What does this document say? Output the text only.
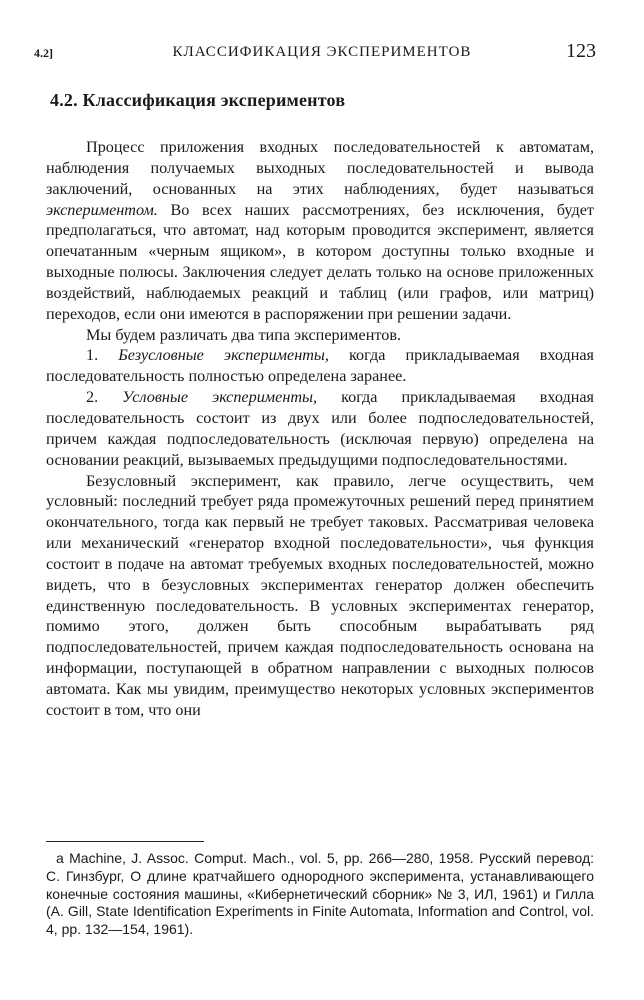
4.2]	КЛАССИФИКАЦИЯ ЭКСПЕРИМЕНТОВ	123
4.2. Классификация экспериментов

Процесс приложения входных последовательностей к автоматам, наблюдения получаемых выходных последовательностей и вывода заключений, основанных на этих наблюдениях, будет называться экспериментом. Во всех наших рассмотрениях, без исключения, будет предполагаться, что автомат, над которым проводится эксперимент, является опечатанным «черным ящиком», в котором доступны только входные и выходные полюсы. Заключения следует делать только на основе приложенных воздействий, наблюдаемых реакций и таблиц (или графов, или матриц) переходов, если они имеются в распоряжении при решении задачи.

Мы будем различать два типа экспериментов.

1. Безусловные эксперименты, когда прикладываемая входная последовательность полностью определена заранее.

2. Условные эксперименты, когда прикладываемая входная последовательность состоит из двух или более подпоследовательностей, причем каждая подпоследовательность (исключая первую) определена на основании реакций, вызываемых предыдущими подпоследовательностями.

Безусловный эксперимент, как правило, легче осуществить, чем условный: последний требует ряда промежуточных решений перед принятием окончательного, тогда как первый не требует таковых. Рассматривая человека или механический «генератор входной последовательности», чья функция состоит в подаче на автомат требуемых входных последовательностей, можно видеть, что в безусловных экспериментах генератор должен обеспечить единственную последовательность. В условных экспериментах генератор, помимо этого, должен быть способным вырабатывать ряд подпоследовательностей, причем каждая подпоследовательность основана на информации, поступающей в обратном направлении с выходных полюсов автомата. Как мы увидим, преимущество некоторых условных экспериментов состоит в том, что они

а Machine, J. Assoc. Comput. Mach., vol. 5, pp. 266—280, 1958. Русский перевод: С. Гинзбург, О длине кратчайшего однородного эксперимента, устанавливающего конечные состояния машины, «Кибернетический сборник» № 3, ИЛ, 1961) и Гилла (A. Gill, State Identification Experiments in Finite Automata, Information and Control, vol. 4, pp. 132—154, 1961).
